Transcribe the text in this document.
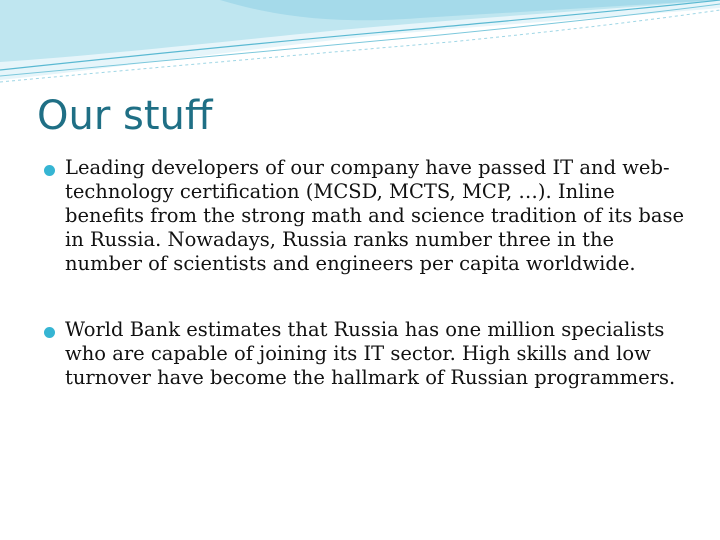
Our stuff
Leading developers of our company have passed IT and web-technology certification (MCSD, MCTS, MCP, …). Inline benefits from the strong math and science tradition of its base in Russia. Nowadays, Russia ranks number three in the number of scientists and engineers per capita worldwide.
World Bank estimates that Russia has one million specialists who are capable of joining its IT sector. High skills and low turnover have become the hallmark of Russian programmers.
